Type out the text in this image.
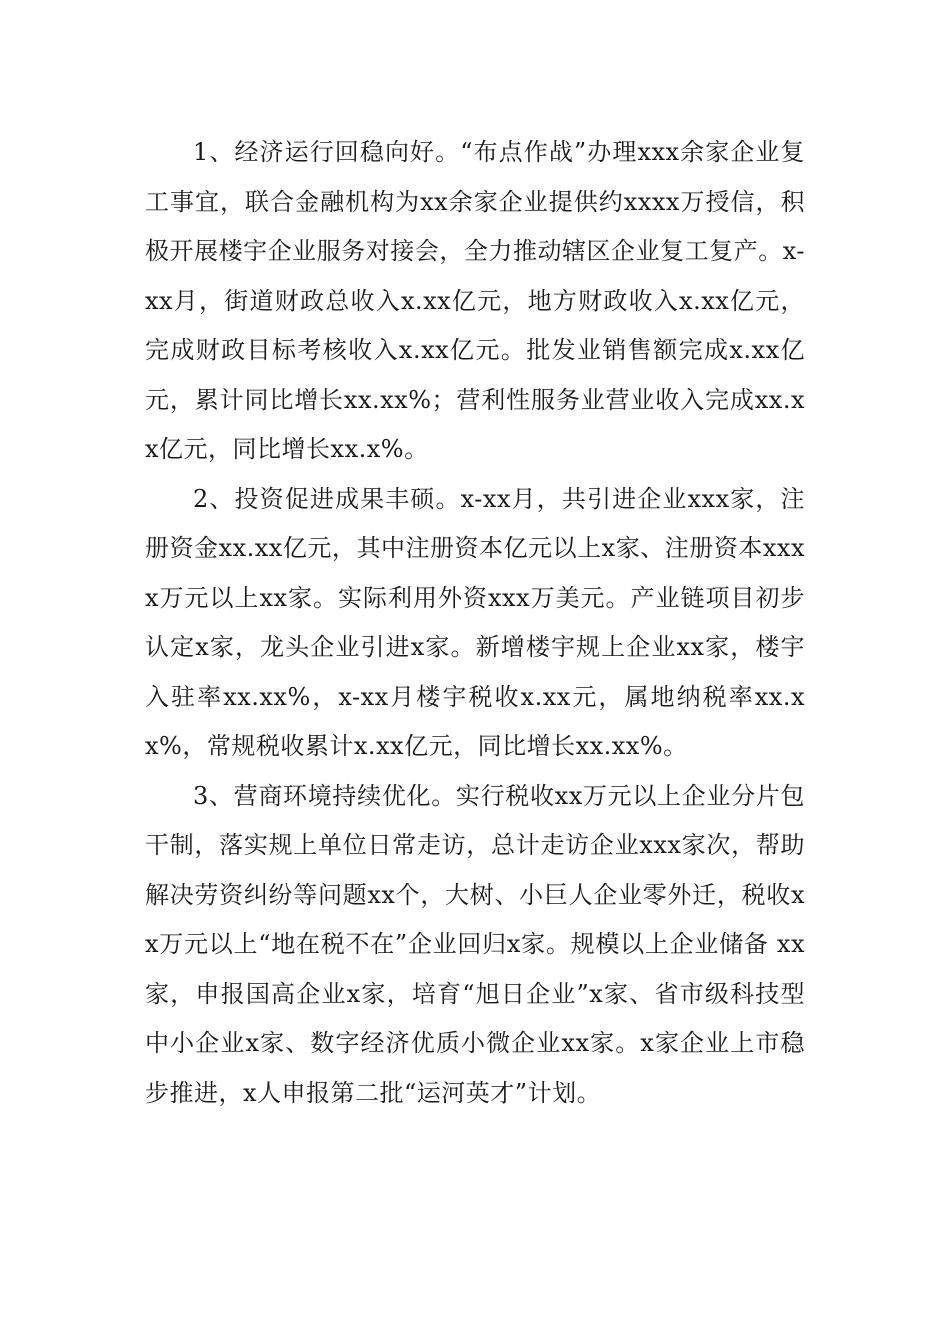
1、经济运行回稳向好。“布点作战”办理xxx余家企业复工事宜，联合金融机构为xx余家企业提供约xxxx万授信，积极开展楼宇企业服务对接会，全力推动辖区企业复工复产。x-xx月，街道财政总收入x.xx亿元，地方财政收入x.xx亿元，完成财政目标考核收入x.xx亿元。批发业销售额完成x.xx亿元，累计同比增长xx.xx%；营利性服务业营业收入完成xx.xx亿元，同比增长xx.x%。

2、投资促进成果丰硕。x-xx月，共引进企业xxx家，注册资金xx.xx亿元，其中注册资本亿元以上x家、注册资本xxxx万元以上xx家。实际利用外资xxx万美元。产业链项目初步认定x家，龙头企业引进x家。新增楼宇规上企业xx家，楼宇入驻率xx.xx%，x-xx月楼宇税收x.xx元，属地纳税率xx.xx%，常规税收累计x.xx亿元，同比增长xx.xx%。

3、营商环境持续优化。实行税收xx万元以上企业分片包干制，落实规上单位日常走访，总计走访企业xxx家次，帮助解决劳资纠纷等问题xx个，大树、小巨人企业零外迁，税收xx万元以上“地在税不在”企业回归x家。规模以上企业储备 xx家，申报国高企业x家，培育“旭日企业”x家、省市级科技型中小企业x家、数字经济优质小微企业xx家。x家企业上市稳步推进，x人申报第二批“运河英才”计划。
